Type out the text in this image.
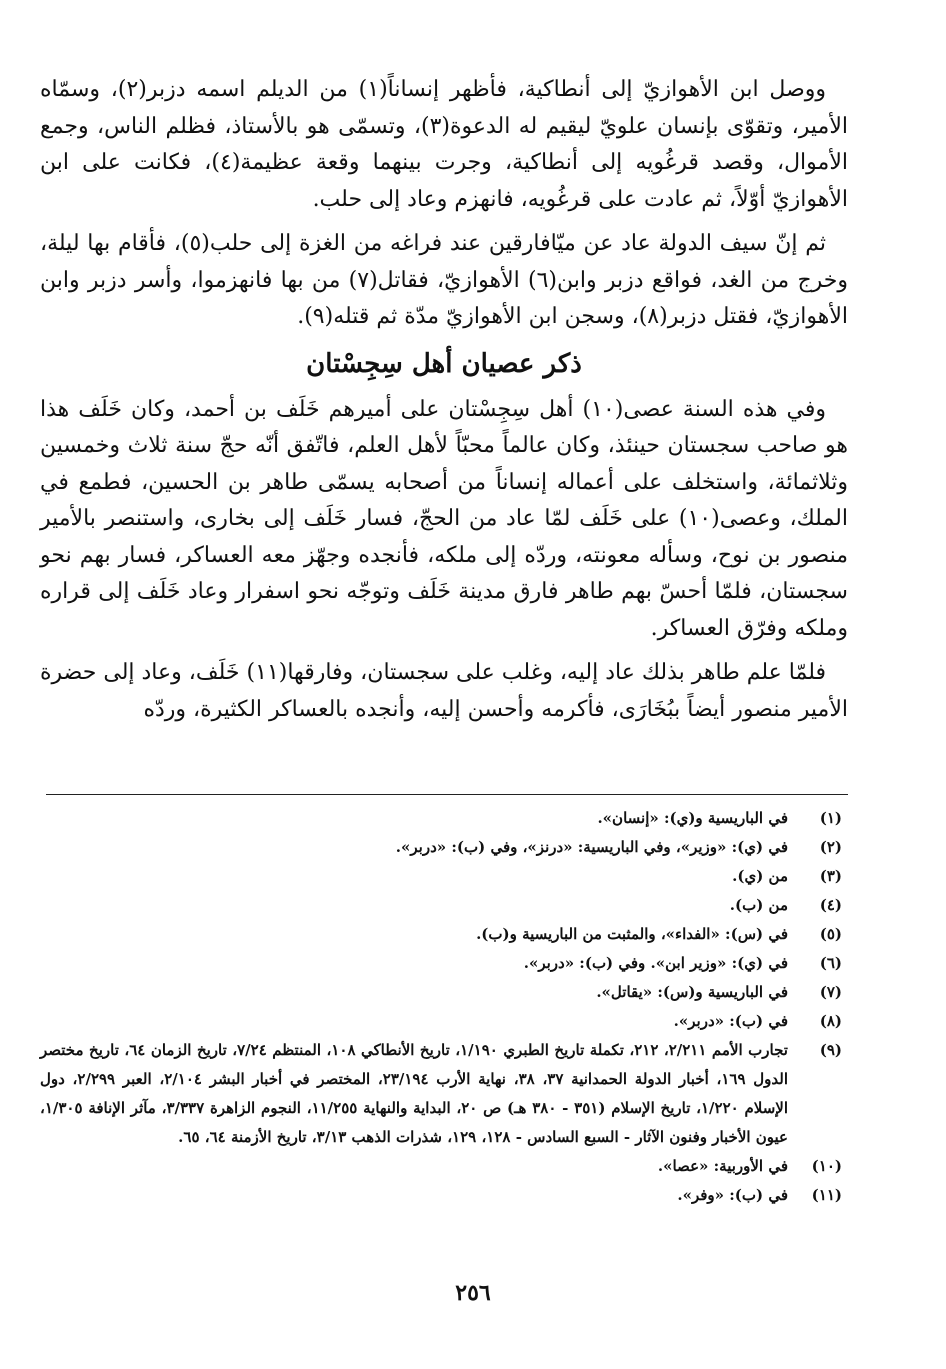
ووصل ابن الأهوازيّ إلى أنطاكية، فأظهر إنساناً(١) من الديلم اسمه دزبر(٢)، وسمّاه الأمير، وتقوّى بإنسان علويّ ليقيم له الدعوة(٣)، وتسمّى هو بالأستاذ، فظلم الناس، وجمع الأموال، وقصد قرغُويه إلى أنطاكية، وجرت بينهما وقعة عظيمة(٤)، فكانت على ابن الأهوازيّ أوّلاً، ثم عادت على قرغُويه، فانهزم وعاد إلى حلب.

ثم إنّ سيف الدولة عاد عن ميّافارقين عند فراغه من الغزة إلى حلب(٥)، فأقام بها ليلة، وخرج من الغد، فواقع دزبر وابن(٦) الأهوازيّ، فقاتل(٧) من بها فانهزموا، وأسر دزبر وابن الأهوازيّ، فقتل دزبر(٨)، وسجن ابن الأهوازيّ مدّة ثم قتله(٩).

ذكر عصيان أهل سِجِسْتان

وفي هذه السنة عصى(١٠) أهل سِجِسْتان على أميرهم خَلَف بن أحمد، وكان خَلَف هذا هو صاحب سجستان حينئذ، وكان عالماً محبّاً لأهل العلم، فاتّفق أنّه حجّ سنة ثلاث وخمسين وثلاثمائة، واستخلف على أعماله إنساناً من أصحابه يسمّى طاهر بن الحسين، فطمع في الملك، وعصى(١٠) على خَلَف لمّا عاد من الحجّ، فسار خَلَف إلى بخارى، واستنصر بالأمير منصور بن نوح، وسأله معونته، وردّه إلى ملكه، فأنجده وجهّز معه العساكر، فسار بهم نحو سجستان، فلمّا أحسّ بهم طاهر فارق مدينة خَلَف وتوجّه نحو اسفرار وعاد خَلَف إلى قراره وملكه وفرّق العساكر.

فلمّا علم طاهر بذلك عاد إليه، وغلب على سجستان، وفارقها(١١) خَلَف، وعاد إلى حضرة الأمير منصور أيضاً ببُخَارَى، فأكرمه وأحسن إليه، وأنجده بالعساكر الكثيرة، وردّه

(١)
في الباريسية و(ي): «إنسان».
(٢)
في (ي): «وزير»، وفي الباريسية: «درنز»، وفي (ب): «دربر».
(٣)
من (ي).
(٤)
من (ب).
(٥)
في (س): «الفداء»، والمثبت من الباريسية و(ب).
(٦)
في (ي): «وزير ابن». وفي (ب): «دربر».
(٧)
في الباريسية و(س): «يقاتل».
(٨)
في (ب): «دربر».
(٩)
تجارب الأمم ٢/٢١١، ٢١٢، تكملة تاريخ الطبري ١/١٩٠، تاريخ الأنطاكي ١٠٨، المنتظم ٧/٢٤، تاريخ الزمان ٦٤، تاريخ مختصر الدول ١٦٩، أخبار الدولة الحمدانية ٣٧، ٣٨، نهاية الأرب ٢٣/١٩٤، المختصر في أخبار البشر ٢/١٠٤، العبر ٢/٢٩٩، دول الإسلام ١/٢٢٠، تاريخ الإسلام (٣٥١ - ٣٨٠ هـ) ص ٢٠، البداية والنهاية ١١/٢٥٥، النجوم الزاهرة ٣/٣٣٧، مآثر الإنافة ١/٣٠٥، عيون الأخبار وفنون الآثار - السبع السادس - ١٢٨، ١٢٩، شذرات الذهب ٣/١٣، تاريخ الأزمنة ٦٤، ٦٥.
(١٠)
في الأوربية: «عصا».
(١١)
في (ب): «وفر».
٢٥٦
